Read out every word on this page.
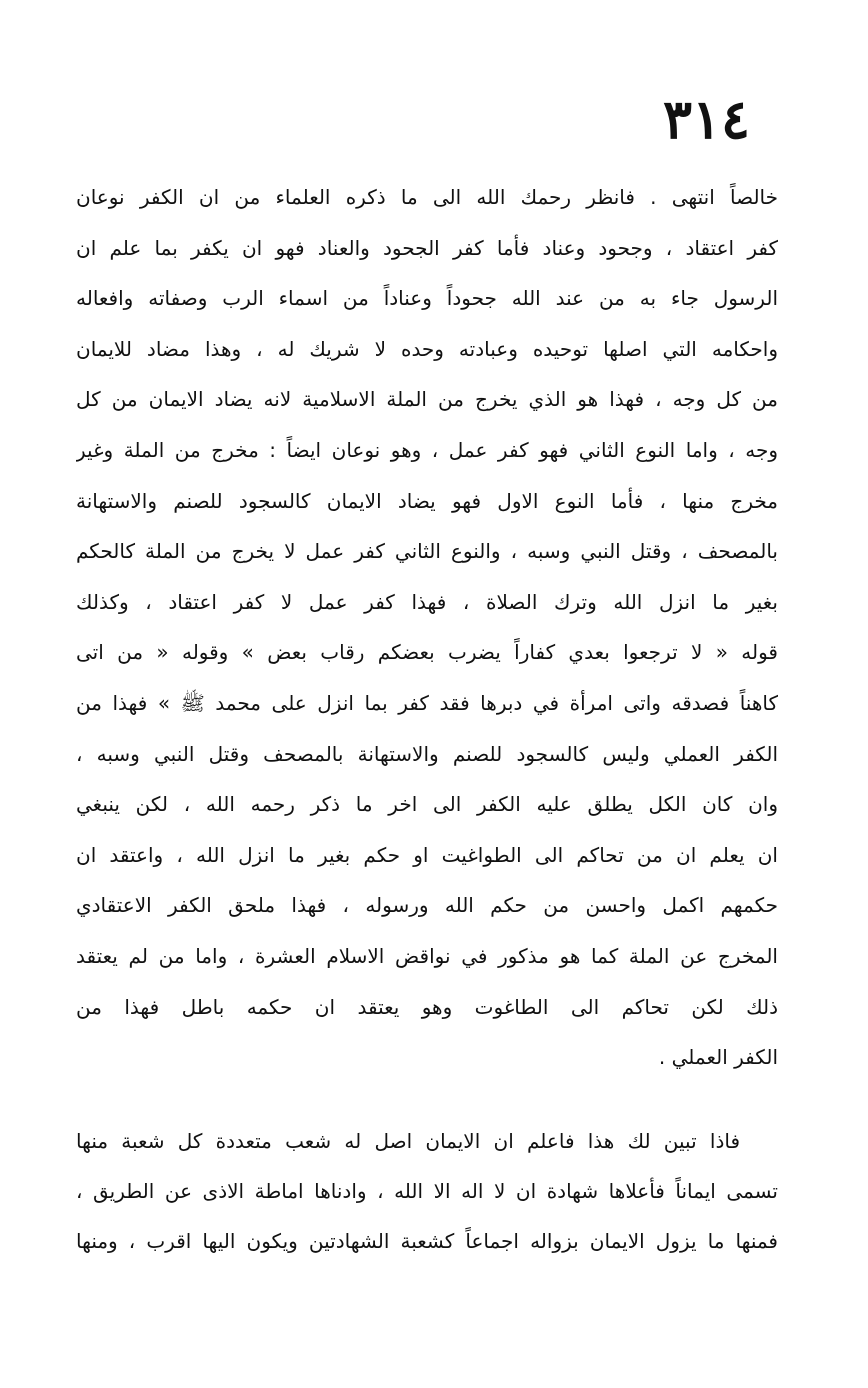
٣١٤
خالصاً انتهى . فانظر رحمك الله الى ما ذكره العلماء من ان الكفر نوعان
كفر اعتقاد ، وجحود وعناد فأما كفر الجحود والعناد فهو ان يكفر بما علم ان
الرسول جاء به من عند الله جحوداً وعناداً من اسماء الرب وصفاته وافعاله
واحكامه التي اصلها توحيده وعبادته وحده لا شريك له ، وهذا مضاد للايمان
من كل وجه ، فهذا هو الذي يخرج من الملة الاسلامية لانه يضاد الايمان من كل
وجه ، واما النوع الثاني فهو كفر عمل ، وهو نوعان ايضاً : مخرج من الملة وغير
مخرج منها ، فأما النوع الاول فهو يضاد الايمان كالسجود للصنم والاستهانة
بالمصحف ، وقتل النبي وسبه ، والنوع الثاني كفر عمل لا يخرج من الملة كالحكم
بغير ما انزل الله وترك الصلاة ، فهذا كفر عمل لا كفر اعتقاد ، وكذلك
قوله « لا ترجعوا بعدي كفاراً يضرب بعضكم رقاب بعض » وقوله « من اتى
كاهناً فصدقه واتى امرأة في دبرها فقد كفر بما انزل على محمد ﷺ » فهذا من
الكفر العملي وليس كالسجود للصنم والاستهانة بالمصحف وقتل النبي وسبه ،
وان كان الكل يطلق عليه الكفر الى اخر ما ذكر رحمه الله ، لكن ينبغي
ان يعلم ان من تحاكم الى الطواغيت او حكم بغير ما انزل الله ، واعتقد ان
حكمهم اكمل واحسن من حكم الله ورسوله ، فهذا ملحق الكفر الاعتقادي
المخرج عن الملة كما هو مذكور في نواقض الاسلام العشرة ، واما من لم يعتقد
ذلك لكن تحاكم الى الطاغوت وهو يعتقد ان حكمه باطل فهذا من
الكفر العملي .
فاذا تبين لك هذا فاعلم ان الايمان اصل له شعب متعددة كل شعبة منها
تسمى ايماناً فأعلاها شهادة ان لا اله الا الله ، وادناها اماطة الاذى عن الطريق ،
فمنها ما يزول الايمان بزواله اجماعاً كشعبة الشهادتين ويكون اليها اقرب ، ومنها
